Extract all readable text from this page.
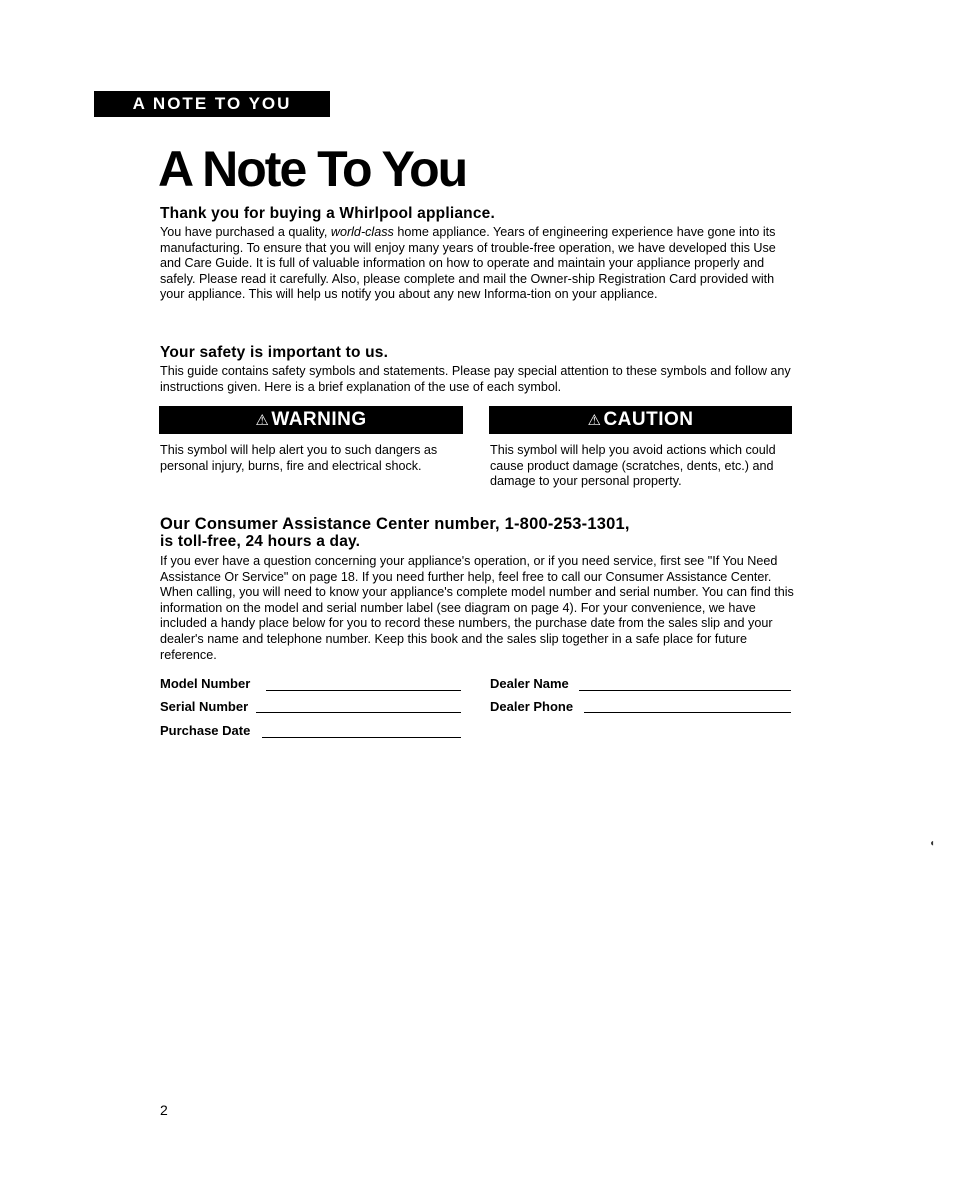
A NOTE TO YOU
A Note To You
Thank you for buying a Whirlpool appliance.

You have purchased a quality, world-class home appliance. Years of engineering experience have gone into its manufacturing. To ensure that you will enjoy many years of trouble-free operation, we have developed this Use and Care Guide. It is full of valuable information on how to operate and maintain your appliance properly and safely. Please read it carefully. Also, please complete and mail the Owner-ship Registration Card provided with your appliance. This will help us notify you about any new Informa-tion on your appliance.

Your safety is important to us.

This guide contains safety symbols and statements. Please pay special attention to these symbols and follow any instructions given. Here is a brief explanation of the use of each symbol.

⚠ WARNING

This symbol will help alert you to such dangers as personal injury, burns, fire and electrical shock.

⚠ CAUTION

This symbol will help you avoid actions which could cause product damage (scratches, dents, etc.) and damage to your personal property.

Our Consumer Assistance Center number, 1-800-253-1301,
is toll-free, 24 hours a day.

If you ever have a question concerning your appliance's operation, or if you need service, first see "If You Need Assistance Or Service" on page 18. If you need further help, feel free to call our Consumer Assistance Center. When calling, you will need to know your appliance's complete model number and serial number. You can find this information on the model and serial number label (see diagram on page 4). For your convenience, we have included a handy place below for you to record these numbers, the purchase date from the sales slip and your dealer's name and telephone number. Keep this book and the sales slip together in a safe place for future reference.

Model Number
Serial Number
Purchase Date
Dealer Name
Dealer Phone
2
◖
